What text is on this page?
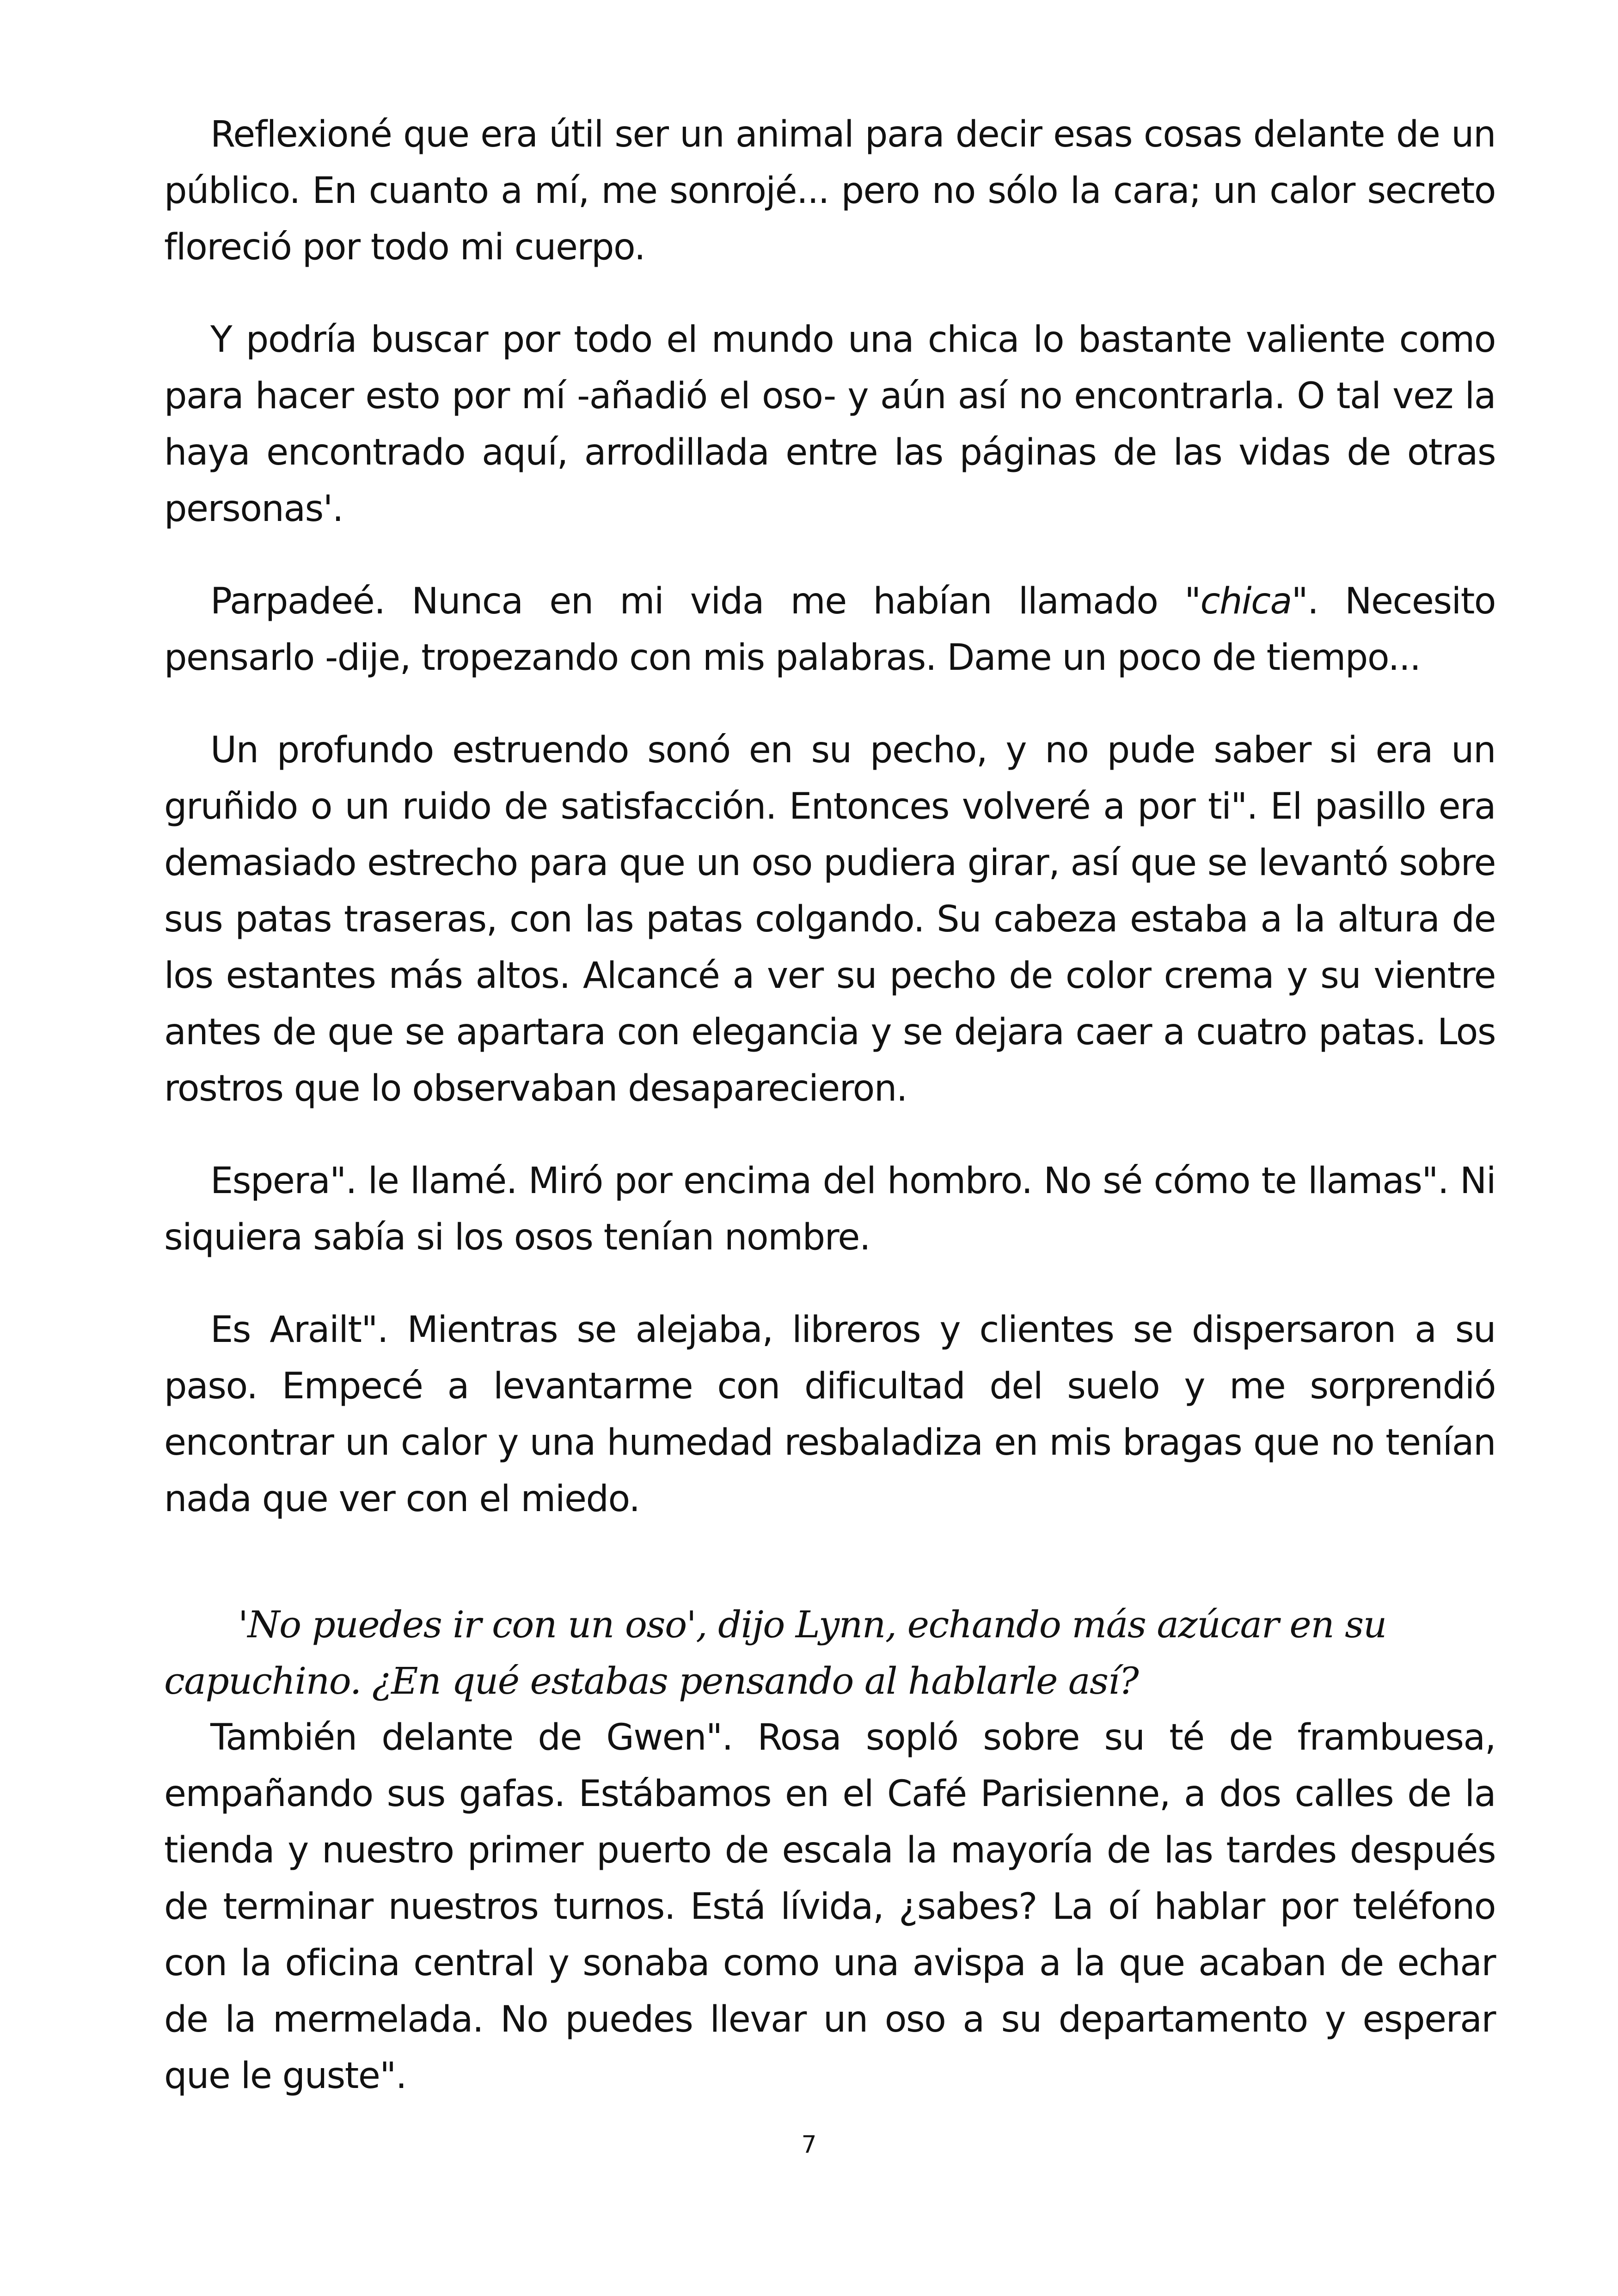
Reflexioné que era útil ser un animal para decir esas cosas delante de un público. En cuanto a mí, me sonrojé... pero no sólo la cara; un calor secreto floreció por todo mi cuerpo.

Y podría buscar por todo el mundo una chica lo bastante valiente como para hacer esto por mí -añadió el oso- y aún así no encontrarla. O tal vez la haya encontrado aquí, arrodillada entre las páginas de las vidas de otras personas'.

Parpadeé. Nunca en mi vida me habían llamado "chica". Necesito pensarlo -dije, tropezando con mis palabras. Dame un poco de tiempo...

Un profundo estruendo sonó en su pecho, y no pude saber si era un gruñido o un ruido de satisfacción. Entonces volveré a por ti". El pasillo era demasiado estrecho para que un oso pudiera girar, así que se levantó sobre sus patas traseras, con las patas colgando. Su cabeza estaba a la altura de los estantes más altos. Alcancé a ver su pecho de color crema y su vientre antes de que se apartara con elegancia y se dejara caer a cuatro patas. Los rostros que lo observaban desaparecieron.

Espera". le llamé. Miró por encima del hombro. No sé cómo te llamas". Ni siquiera sabía si los osos tenían nombre.

Es Arailt". Mientras se alejaba, libreros y clientes se dispersaron a su paso. Empecé a levantarme con dificultad del suelo y me sorprendió encontrar un calor y una humedad resbaladiza en mis bragas que no tenían nada que ver con el miedo.

'No puedes ir con un oso', dijo Lynn, echando más azúcar en su capuchino. ¿En qué estabas pensando al hablarle así?

También delante de Gwen". Rosa sopló sobre su té de frambuesa, empañando sus gafas. Estábamos en el Café Parisienne, a dos calles de la tienda y nuestro primer puerto de escala la mayoría de las tardes después de terminar nuestros turnos. Está lívida, ¿sabes? La oí hablar por teléfono con la oficina central y sonaba como una avispa a la que acaban de echar de la mermelada. No puedes llevar un oso a su departamento y esperar que le guste".

7
